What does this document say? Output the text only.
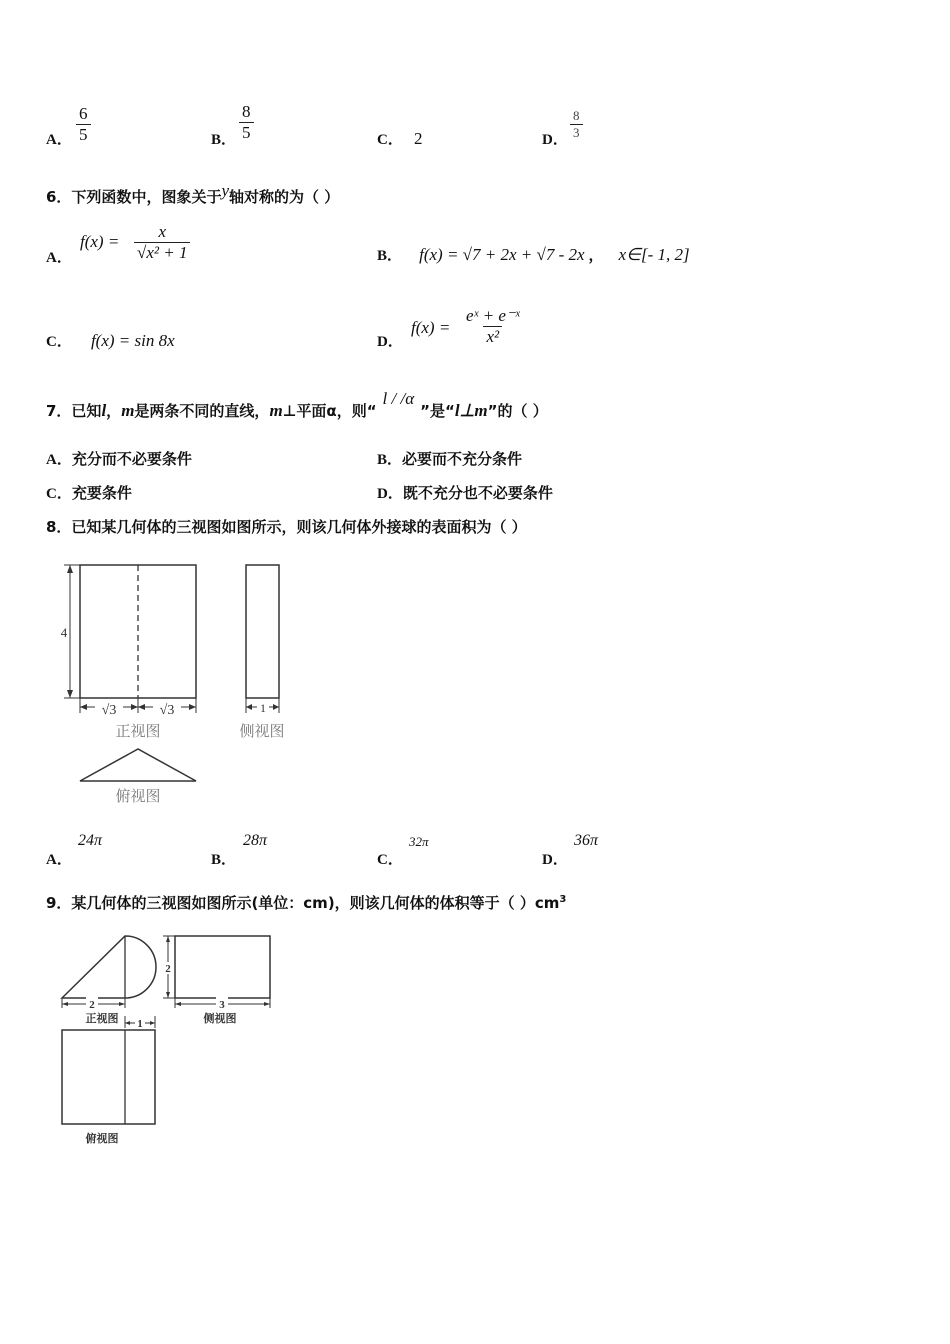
A． $\frac{6}{5}$	B． $\frac{8}{5}$	C． 2	D． $\frac{8}{3}$
6．下列函数中，图象关于y轴对称的为（ ）
A．
$f(x) = \frac{x}{\text{√x² + 1}}$	B． f(x) = √7 + 2x + √7 - 2x ， x∈[- 1, 2]
C． f(x) = sin 8x	D．
$f(x) = \frac{\text{eˣ + e⁻ˣ}}{\text{x²}}$
7．已知l，m是两条不同的直线，m⊥平面α，则“l / /α”是“l⊥m”的（ ）
A．充分而不必要条件	B．必要而不充分条件
C．充要条件	D．既不充分也不必要条件
8．已知某几何体的三视图如图所示，则该几何体外接球的表面积为（ ）
4
√3	√3
正视图
1
侧视图
俯视图
A．
24π
B．
28π
C．
32π
D．
36π
9．某几何体的三视图如图所示(单位：cm)，则该几何体的体积等于（ ）$cm^3$
2
正视图
2
3
侧视图
1
俯视图
